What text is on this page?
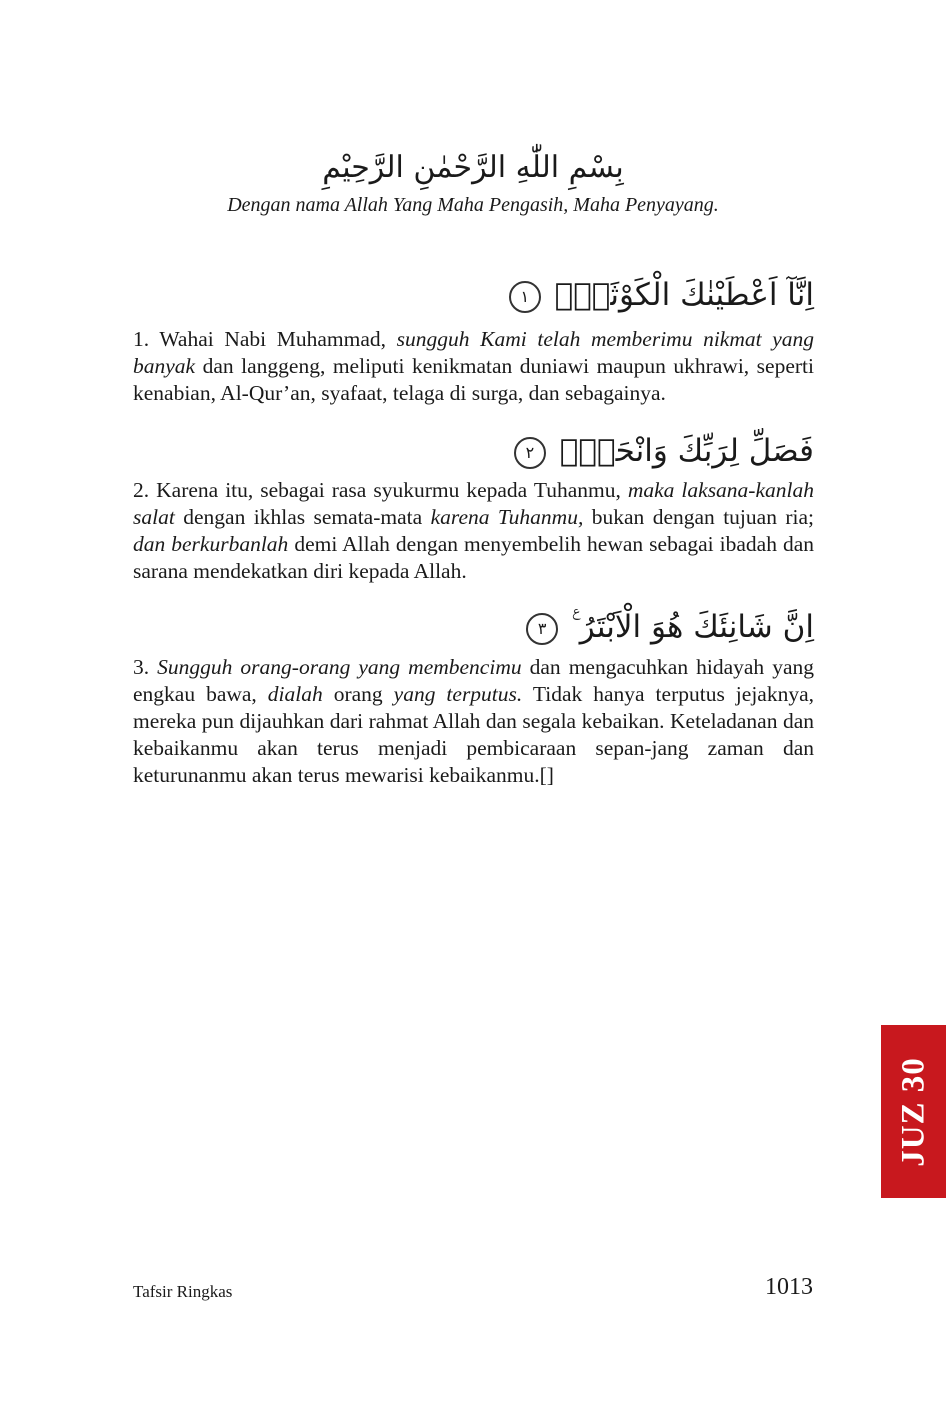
بِسْمِ اللّٰهِ الرَّحْمٰنِ الرَّحِيْمِ
Dengan nama Allah Yang Maha Pengasih, Maha Penyayang.
اِنَّآ اَعْطَيْنٰكَ الْكَوْثَرَۗ ١
1. Wahai Nabi Muhammad, sungguh Kami telah memberimu nikmat yang banyak dan langgeng, meliputi kenikmatan duniawi maupun ukhrawi, seperti kenabian, Al-Qur’an, syafaat, telaga di surga, dan sebagainya.
فَصَلِّ لِرَبِّكَ وَانْحَرْۗ ٢
2. Karena itu, sebagai rasa syukurmu kepada Tuhanmu, maka laksana-kanlah salat dengan ikhlas semata-mata karena Tuhanmu, bukan dengan tujuan ria; dan berkurbanlah demi Allah dengan menyembelih hewan sebagai ibadah dan sarana mendekatkan diri kepada Allah.
اِنَّ شَانِئَكَ هُوَ الْاَبْتَرُ ࣖ ٣
3. Sungguh orang-orang yang membencimu dan mengacuhkan hidayah yang engkau bawa, dialah orang yang terputus. Tidak hanya terputus jejaknya, mereka pun dijauhkan dari rahmat Allah dan segala kebaikan. Keteladanan dan kebaikanmu akan terus menjadi pembicaraan sepan-jang zaman dan keturunanmu akan terus mewarisi kebaikanmu.[]
JUZ 30
Tafsir Ringkas	1013
